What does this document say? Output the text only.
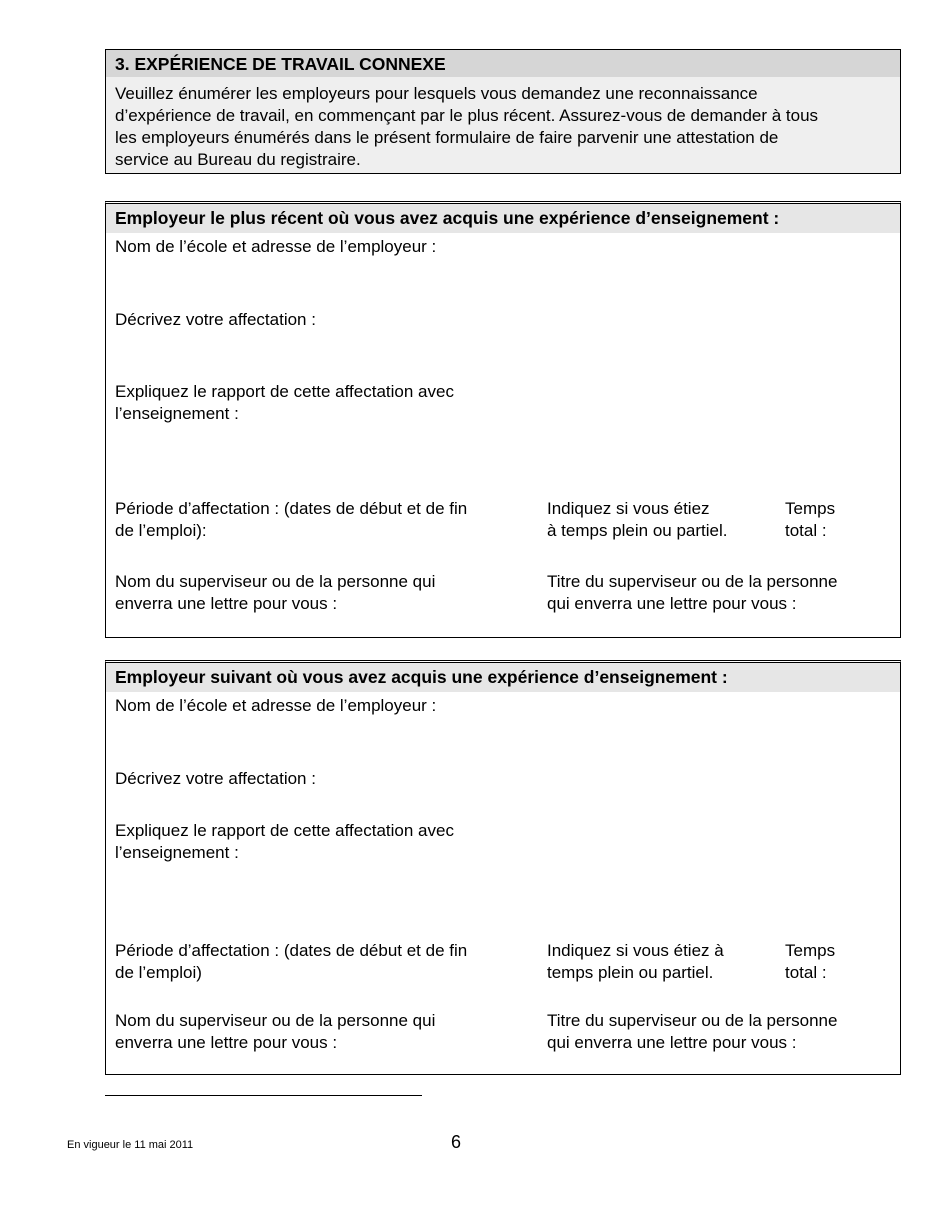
3. EXPÉRIENCE DE TRAVAIL CONNEXE
Veuillez énumérer les employeurs pour lesquels vous demandez une reconnaissance
d’expérience de travail, en commençant par le plus récent. Assurez-vous de demander à tous
les employeurs énumérés dans le présent formulaire de faire parvenir une attestation de
service au Bureau du registraire.
Employeur le plus récent où vous avez acquis une expérience d’enseignement :
Nom de l’école et adresse de l’employeur :
Décrivez votre affectation :
Expliquez le rapport de cette affectation avec
l’enseignement :
Période d’affectation : (dates de début et de fin
de l’emploi):
Indiquez si vous étiez
à temps plein ou partiel.
Temps
total :
Nom du superviseur ou de la personne qui
enverra une lettre pour vous :
Titre du superviseur ou de la personne
qui enverra une lettre pour vous :
Employeur suivant où vous avez acquis une expérience d’enseignement :
Nom de l’école et adresse de l’employeur :
Décrivez votre affectation :
Expliquez le rapport de cette affectation avec
l’enseignement :
Période d’affectation : (dates de début et de fin
de l’emploi)
Indiquez si vous étiez à
temps plein ou partiel.
Temps
total :
Nom du superviseur ou de la personne qui
enverra une lettre pour vous :
Titre du superviseur ou de la personne
qui enverra une lettre pour vous :
En vigueur le 11 mai 2011	6
